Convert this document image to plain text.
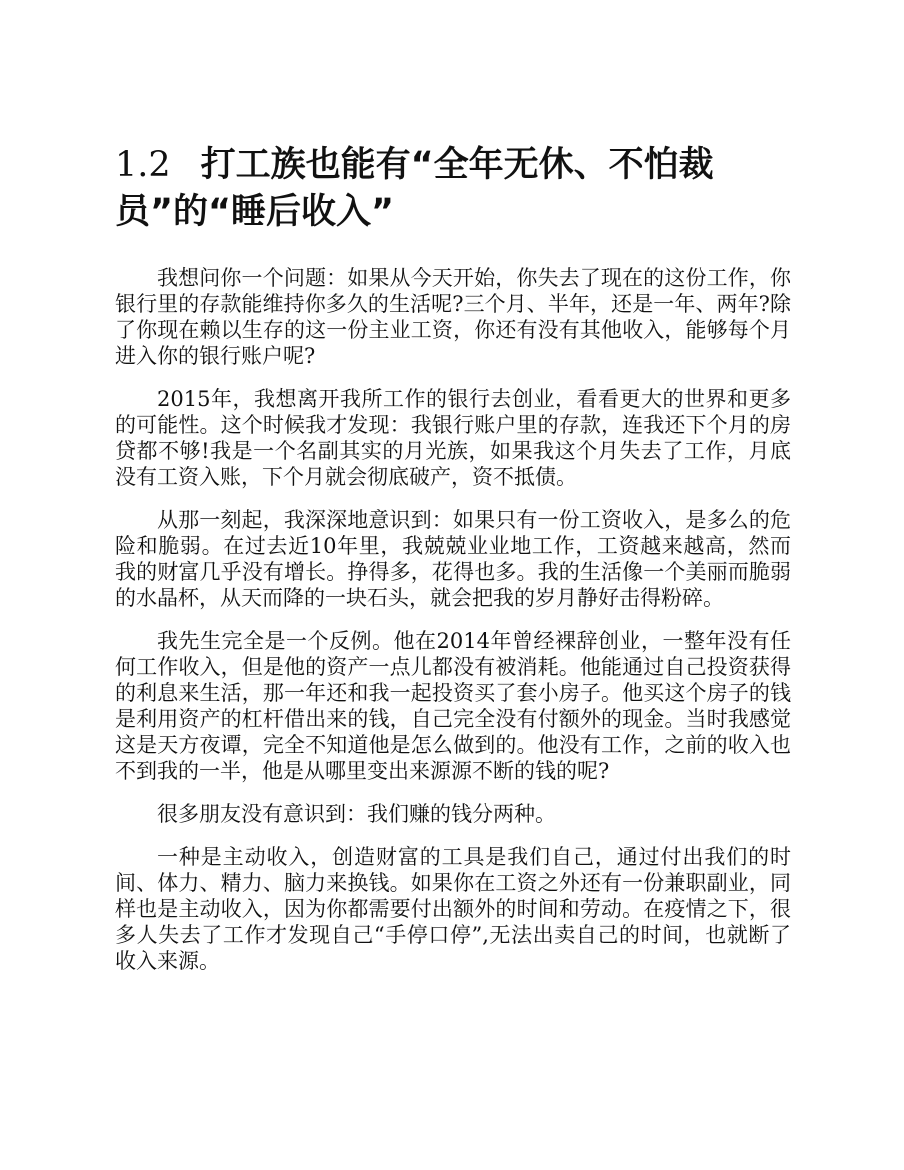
1.2 打工族也能有“全年无休、不怕裁员”的“睡后收入”

我想问你一个问题：如果从今天开始，你失去了现在的这份工作，你银行里的存款能维持你多久的生活呢?三个月、半年，还是一年、两年?除了你现在赖以生存的这一份主业工资，你还有没有其他收入，能够每个月进入你的银行账户呢?

2015年，我想离开我所工作的银行去创业，看看更大的世界和更多的可能性。这个时候我才发现：我银行账户里的存款，连我还下个月的房贷都不够!我是一个名副其实的月光族，如果我这个月失去了工作，月底没有工资入账，下个月就会彻底破产，资不抵债。

从那一刻起，我深深地意识到：如果只有一份工资收入，是多么的危险和脆弱。在过去近10年里，我兢兢业业地工作，工资越来越高，然而我的财富几乎没有增长。挣得多，花得也多。我的生活像一个美丽而脆弱的水晶杯，从天而降的一块石头，就会把我的岁月静好击得粉碎。

我先生完全是一个反例。他在2014年曾经裸辞创业，一整年没有任何工作收入，但是他的资产一点儿都没有被消耗。他能通过自己投资获得的利息来生活，那一年还和我一起投资买了套小房子。他买这个房子的钱是利用资产的杠杆借出来的钱，自己完全没有付额外的现金。当时我感觉这是天方夜谭，完全不知道他是怎么做到的。他没有工作，之前的收入也不到我的一半，他是从哪里变出来源源不断的钱的呢?

很多朋友没有意识到：我们赚的钱分两种。

一种是主动收入，创造财富的工具是我们自己，通过付出我们的时间、体力、精力、脑力来换钱。如果你在工资之外还有一份兼职副业，同样也是主动收入，因为你都需要付出额外的时间和劳动。在疫情之下，很多人失去了工作才发现自己“手停口停”,无法出卖自己的时间，也就断了收入来源。
